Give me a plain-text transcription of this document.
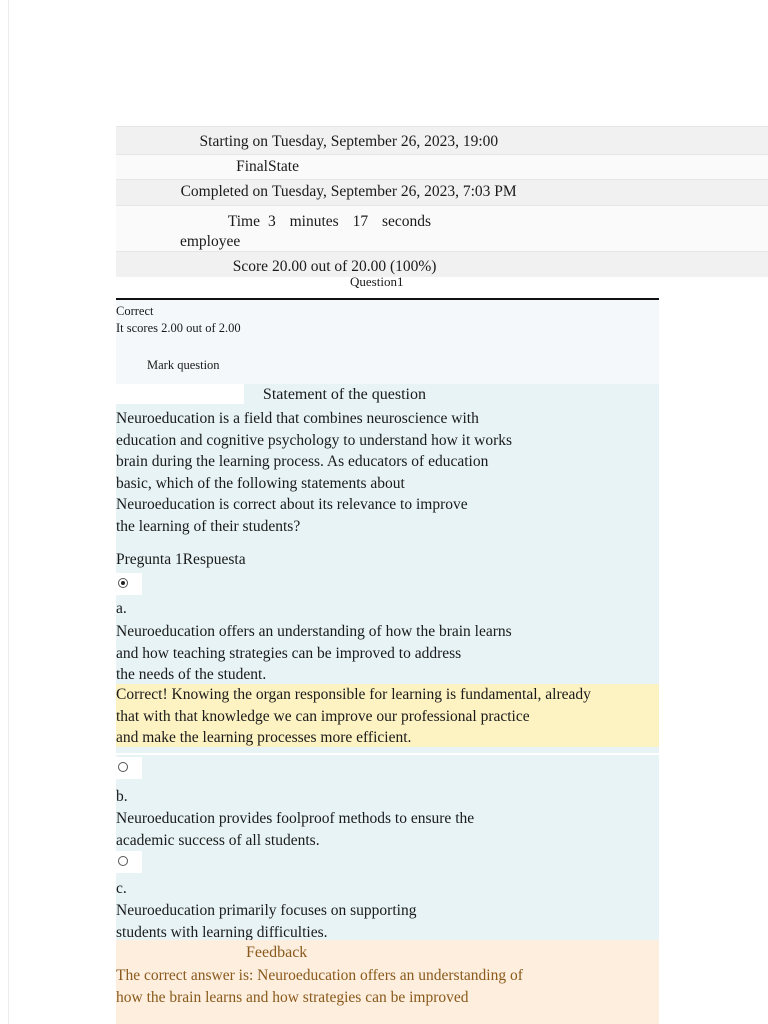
Starting on Tuesday, September 26, 2023, 19:00
Final State
Completed on Tuesday, September 26, 2023, 7:03 PM
Time
employee
3 minutes 17 seconds
Score 20.00 out of 20.00 (100%)
Question1
Correct
It scores 2.00 out of 2.00
Mark question
Statement of the question
Neuroeducation is a field that combines neuroscience with
education and cognitive psychology to understand how it works
brain during the learning process. As educators of education
basic, which of the following statements about
Neuroeducation is correct about its relevance to improve
the learning of their students?
Pregunta 1Respuesta
a.
Neuroeducation offers an understanding of how the brain learns
and how teaching strategies can be improved to address
the needs of the student.
Correct! Knowing the organ responsible for learning is fundamental, already
that with that knowledge we can improve our professional practice
and make the learning processes more efficient.
b.
Neuroeducation provides foolproof methods to ensure the
academic success of all students.
c.
Neuroeducation primarily focuses on supporting
students with learning difficulties.
Feedback
The correct answer is: Neuroeducation offers an understanding of
how the brain learns and how strategies can be improved
